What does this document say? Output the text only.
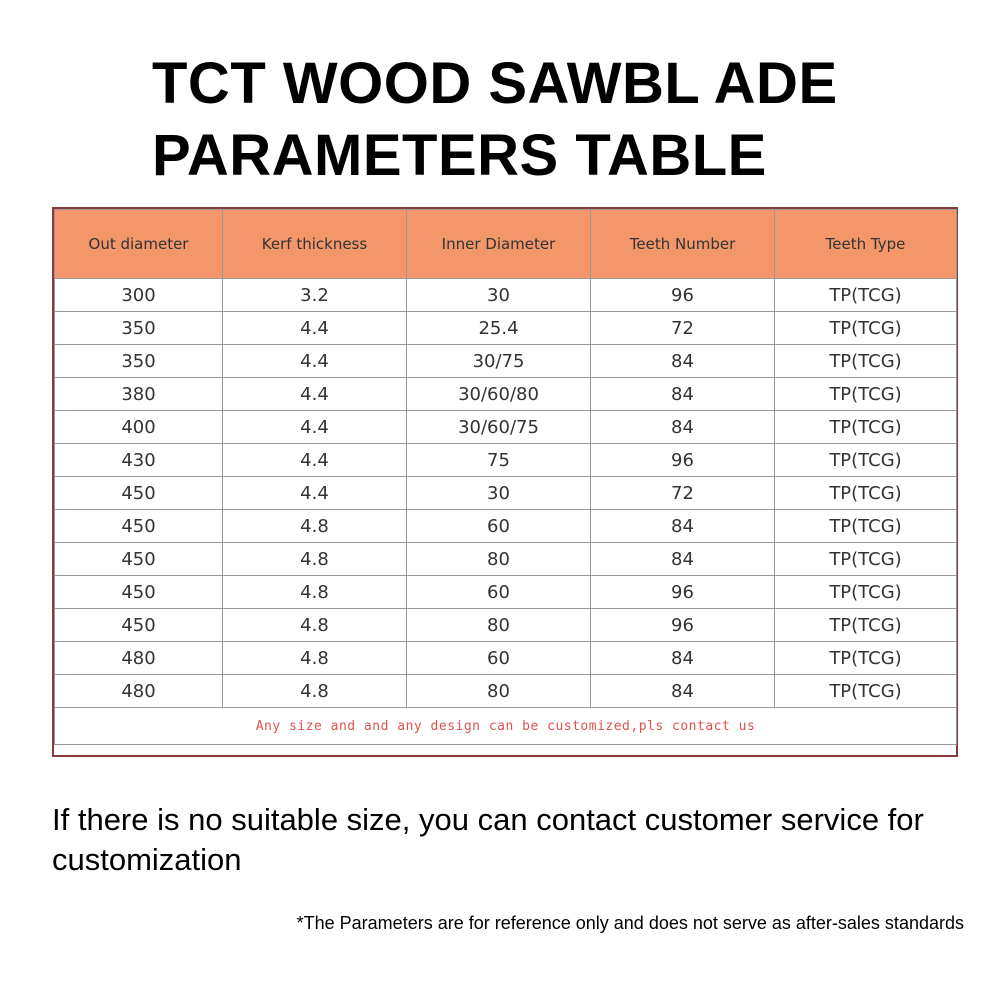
TCT WOOD SAWBL ADE
PARAMETERS TABLE
Out diameter	Kerf thickness	Inner Diameter	Teeth Number	Teeth Type
300	3.2	30	96	TP(TCG)
350	4.4	25.4	72	TP(TCG)
350	4.4	30/75	84	TP(TCG)
380	4.4	30/60/80	84	TP(TCG)
400	4.4	30/60/75	84	TP(TCG)
430	4.4	75	96	TP(TCG)
450	4.4	30	72	TP(TCG)
450	4.8	60	84	TP(TCG)
450	4.8	80	84	TP(TCG)
450	4.8	60	96	TP(TCG)
450	4.8	80	96	TP(TCG)
480	4.8	60	84	TP(TCG)
480	4.8	80	84	TP(TCG)
Any size and and any design can be customized,pls contact us				

If there is no suitable size, you can contact customer service for customization

*The Parameters are for reference only and does not serve as after-sales standards
